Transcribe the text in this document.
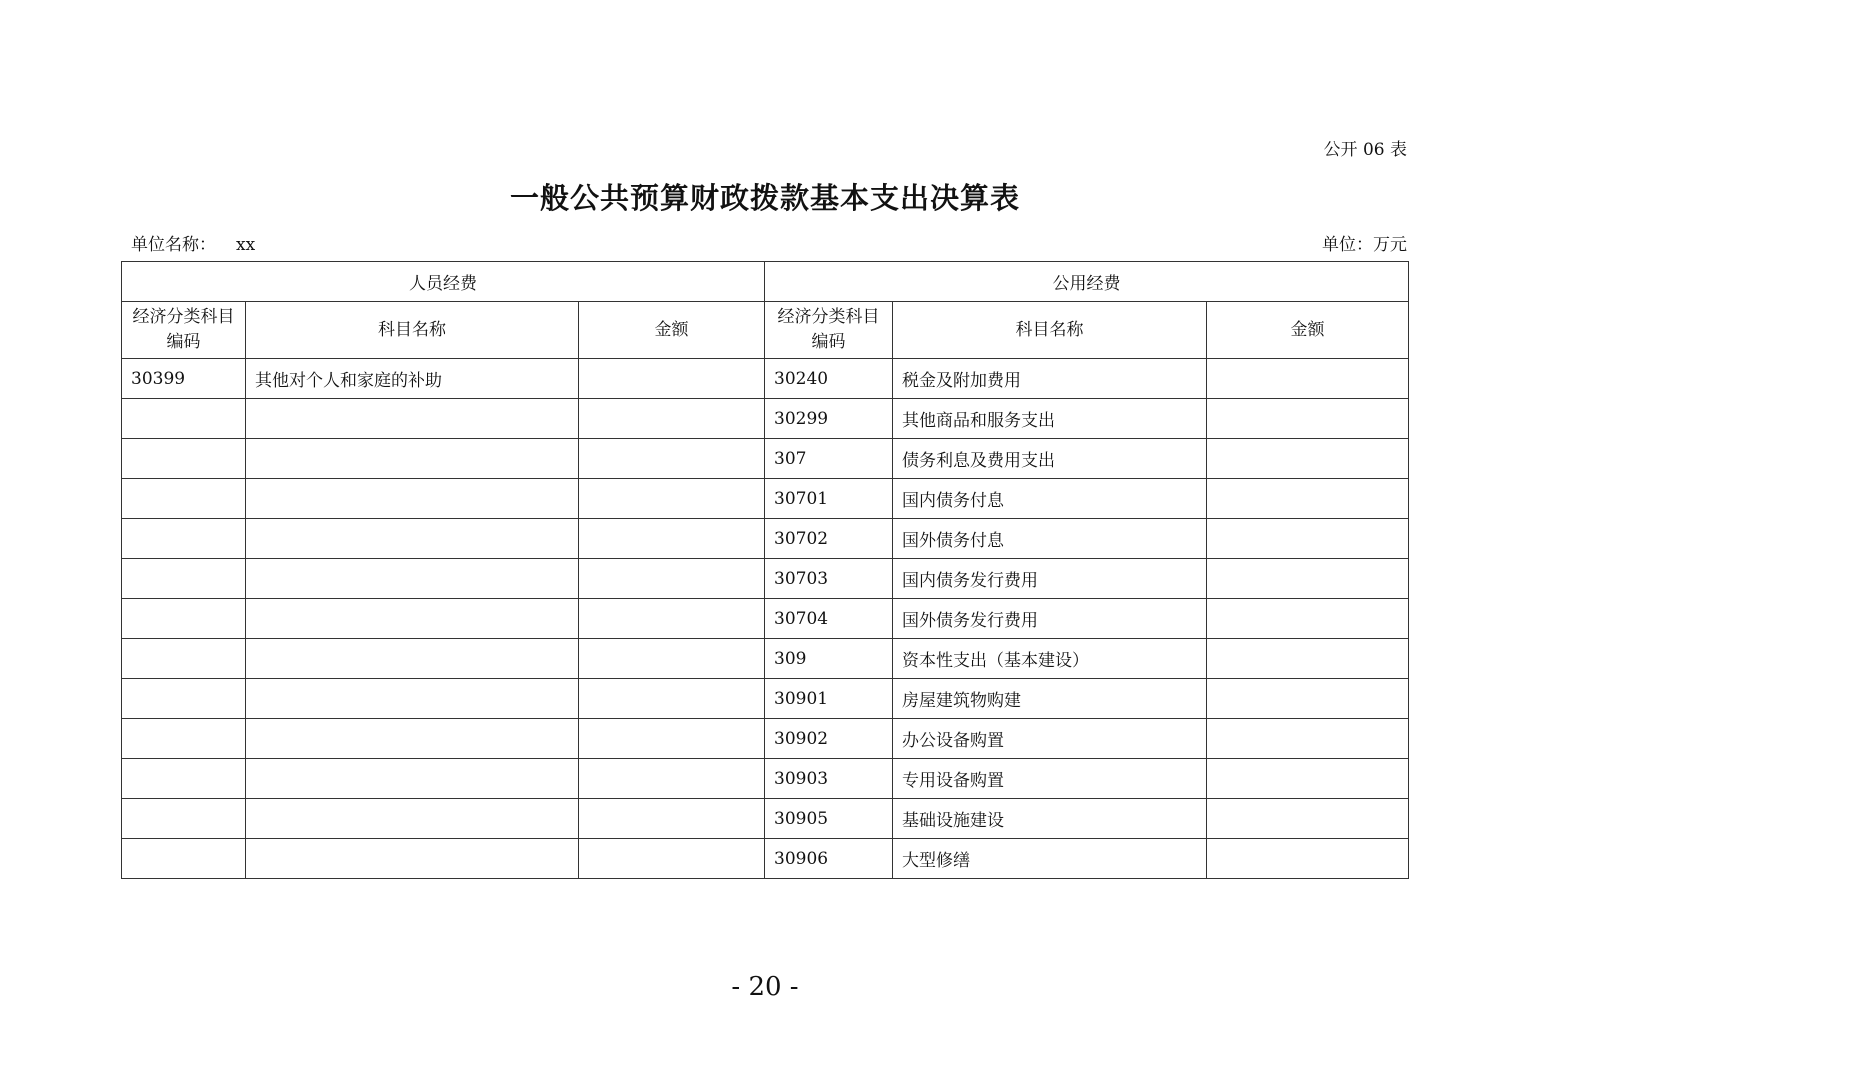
公开 06 表
一般公共预算财政拨款基本支出决算表
单位名称： xx	单位：万元
人员经费			公用经费		
经济分类科目编码	科目名称	金额	经济分类科目编码	科目名称	金额
30399	其他对个人和家庭的补助		30240	税金及附加费用	
			30299	其他商品和服务支出	
			307	债务利息及费用支出	
			30701	国内债务付息	
			30702	国外债务付息	
			30703	国内债务发行费用	
			30704	国外债务发行费用	
			309	资本性支出（基本建设）	
			30901	房屋建筑物购建	
			30902	办公设备购置	
			30903	专用设备购置	
			30905	基础设施建设	
			30906	大型修缮	
- 20 -
